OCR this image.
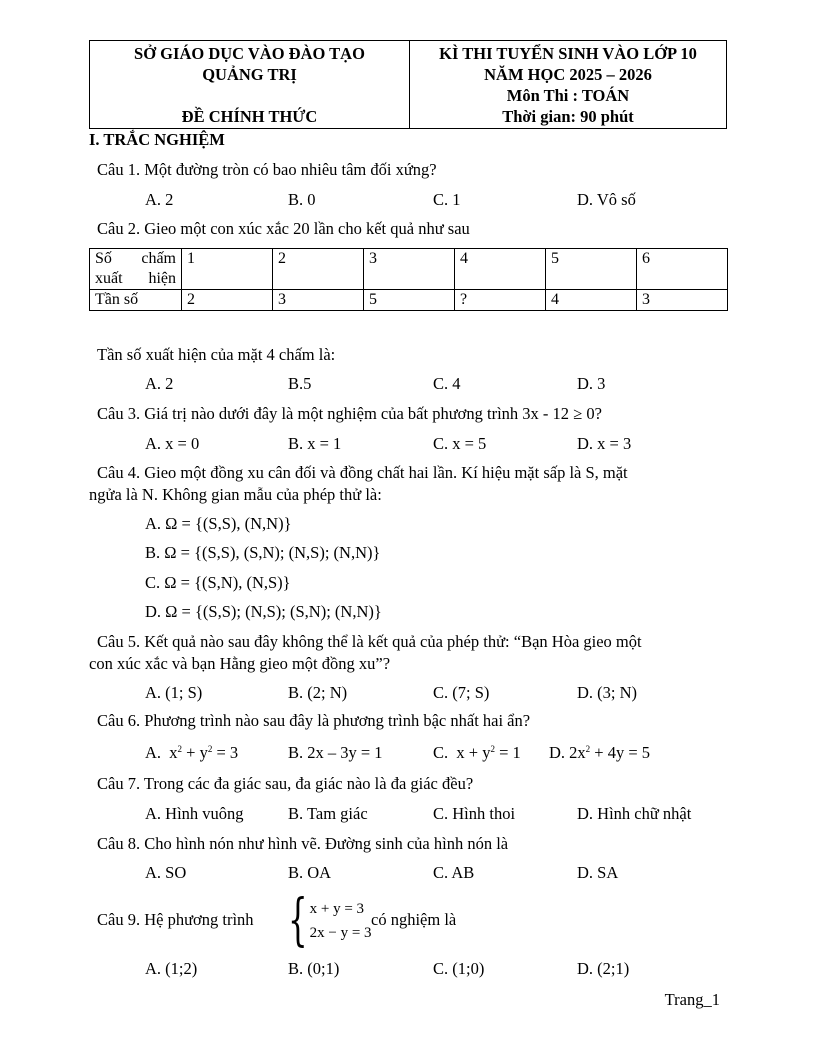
SỞ GIÁO DỤC VÀO ĐÀO TẠO
QUẢNG TRỊ
ĐỀ CHÍNH THỨC
KÌ THI TUYỂN SINH VÀO LỚP 10
NĂM HỌC 2025 – 2026
Môn Thi : TOÁN
Thời gian: 90 phút
I. TRẮC NGHIỆM
Câu 1. Một đường tròn có bao nhiêu tâm đối xứng?
A. 2	B. 0	C. 1	D. Vô số
Câu 2. Gieo một con xúc xắc 20 lần cho kết quả như sau
Số chấm xuất hiện	1	2	3	4	5	6
Tần số	2	3	5	?	4	3
Tần số xuất hiện của mặt 4 chấm là:
A. 2	B.5	C. 4	D. 3
Câu 3. Giá trị nào dưới đây là một nghiệm của bất phương trình 3x - 12 ≥ 0?
A. x = 0	B. x = 1	C. x = 5	D. x = 3
Câu 4. Gieo một đồng xu cân đối và đồng chất hai lần. Kí hiệu mặt sấp là S, mặt
ngửa là N. Không gian mẫu của phép thử là:
A. Ω = {(S,S), (N,N)}
B. Ω = {(S,S), (S,N); (N,S); (N,N)}
C. Ω = {(S,N), (N,S)}
D. Ω = {(S,S); (N,S); (S,N); (N,N)}
Câu 5. Kết quả nào sau đây không thể là kết quả của phép thử: “Bạn Hòa gieo một
con xúc xắc và bạn Hằng gieo một đồng xu”?
A. (1; S)	B. (2; N)	C. (7; S)	D. (3; N)
Câu 6. Phương trình nào sau đây là phương trình bậc nhất hai ẩn?
A. $x^2 + y^2 = 3$	B. 2x – 3y = 1	C. $x + y^2 = 1$ D. $2x^2 + 4y = 5$
Câu 7. Trong các đa giác sau, đa giác nào là đa giác đều?
A. Hình vuông	B. Tam giác	C. Hình thoi	D. Hình chữ nhật
Câu 8. Cho hình nón như hình vẽ. Đường sinh của hình nón là
A. SO	B. OA	C. AB	D. SA
Câu 9. Hệ phương trình { x + y = 3
2x − y = 3
có nghiệm là
A. (1;2)	B. (0;1)	C. (1;0)	D. (2;1)
Trang_1
